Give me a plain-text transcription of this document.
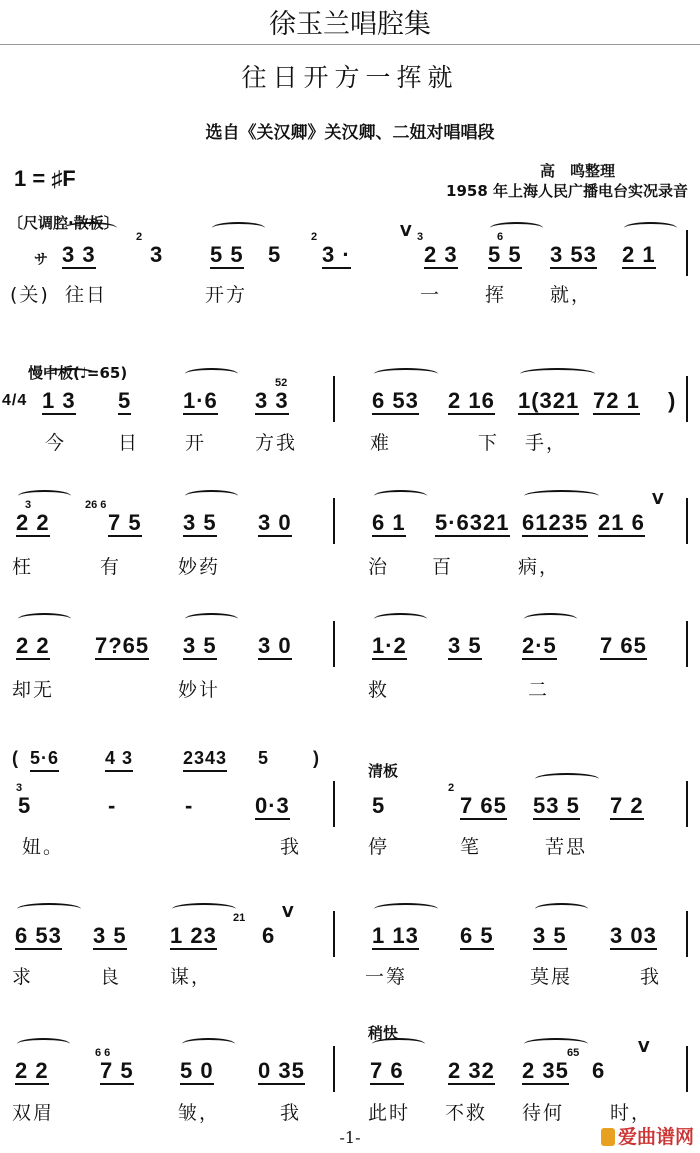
徐玉兰唱腔集
往日开方一挥就
选自《关汉卿》关汉卿、二妞对唱唱段
1 = ♯F	高　鸣整理
1958 年上海人民广播电台实况录音
〔尺调腔·散板〕
サ 3 3 3 5 5 5 3 ·	2 3 5 5 3 53 2 1
2	2	3	6
V
(关) 往日	开方	一 挥 就，
慢中板(♩=65)
4/4 1 3 5 1·6 3 3	6 53 2 16 1(321 72 1 )
52
今	日 开	方我	难	下 手，
2 2	7 5 3 5 3 0	6 1 5·6321 61235 21 6
3	26 6	V
枉	有	妙药	治 百	病，
2 2 7?65 3 5 3 0	1·2 3 5 2·5 7 65
却无	妙计	救	二
清板
( 5·6	4 3	2343 5 )
5	-	-	0·3	5	7 65 53 5 7 2
3	2
妞。	我	停	笔	苦思
6 53 3 5 1 23 6	1 13 6 5 3 5 3 03
21 V
求	良	谋，	一筹	莫展	我
稍快
2 2 7 5 5 0 0 35	7 6 2 32 2 35 6
6 6	65	V
双眉	皱，	我	此时 不救 待何 时，
-1-	爱曲谱网
